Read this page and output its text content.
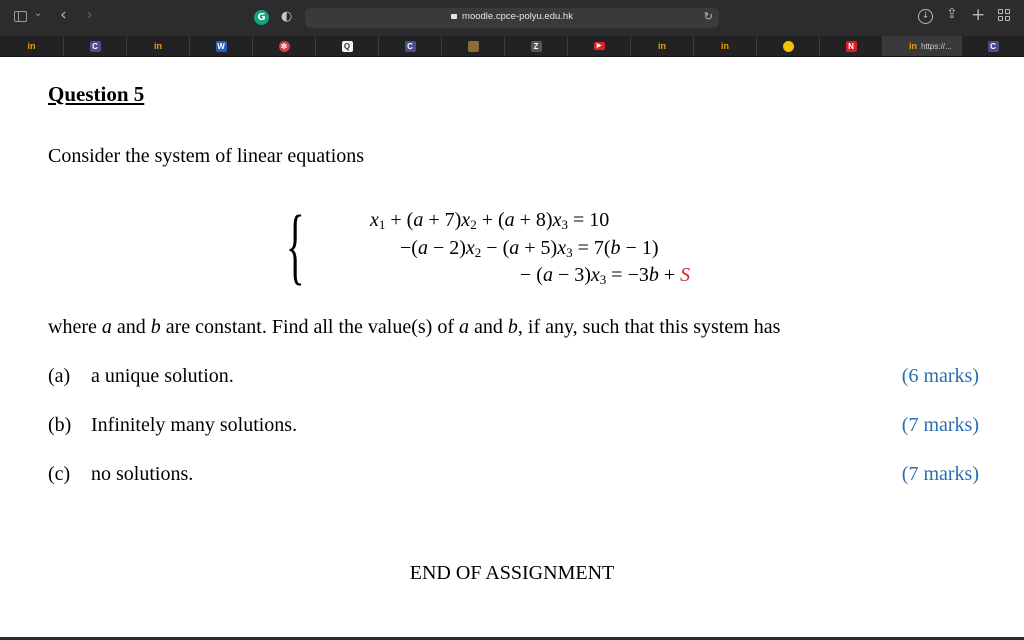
⌄ ‹ ›	G ◐	moodle.cpce-polyu.edu.hk	↻	↓ ⇪ +
in	C	in	W	✲	Q	C	Z	▶	in	in	N	in https://...	C
Question 5
Consider the system of linear equations
{	$x_1 + (a + 7)x_2 + (a + 8)x_3 = 10$
$-(a - 2)x_2 - (a + 5)x_3 = 7(b - 1)$
− $(a - 3)x_3 = -3b + S$
where a and b are constant. Find all the value(s) of a and b, if any, such that this system has
(a) a unique solution.	(6 marks)
(b) Infinitely many solutions.	(7 marks)
(c) no solutions.	(7 marks)
END OF ASSIGNMENT
